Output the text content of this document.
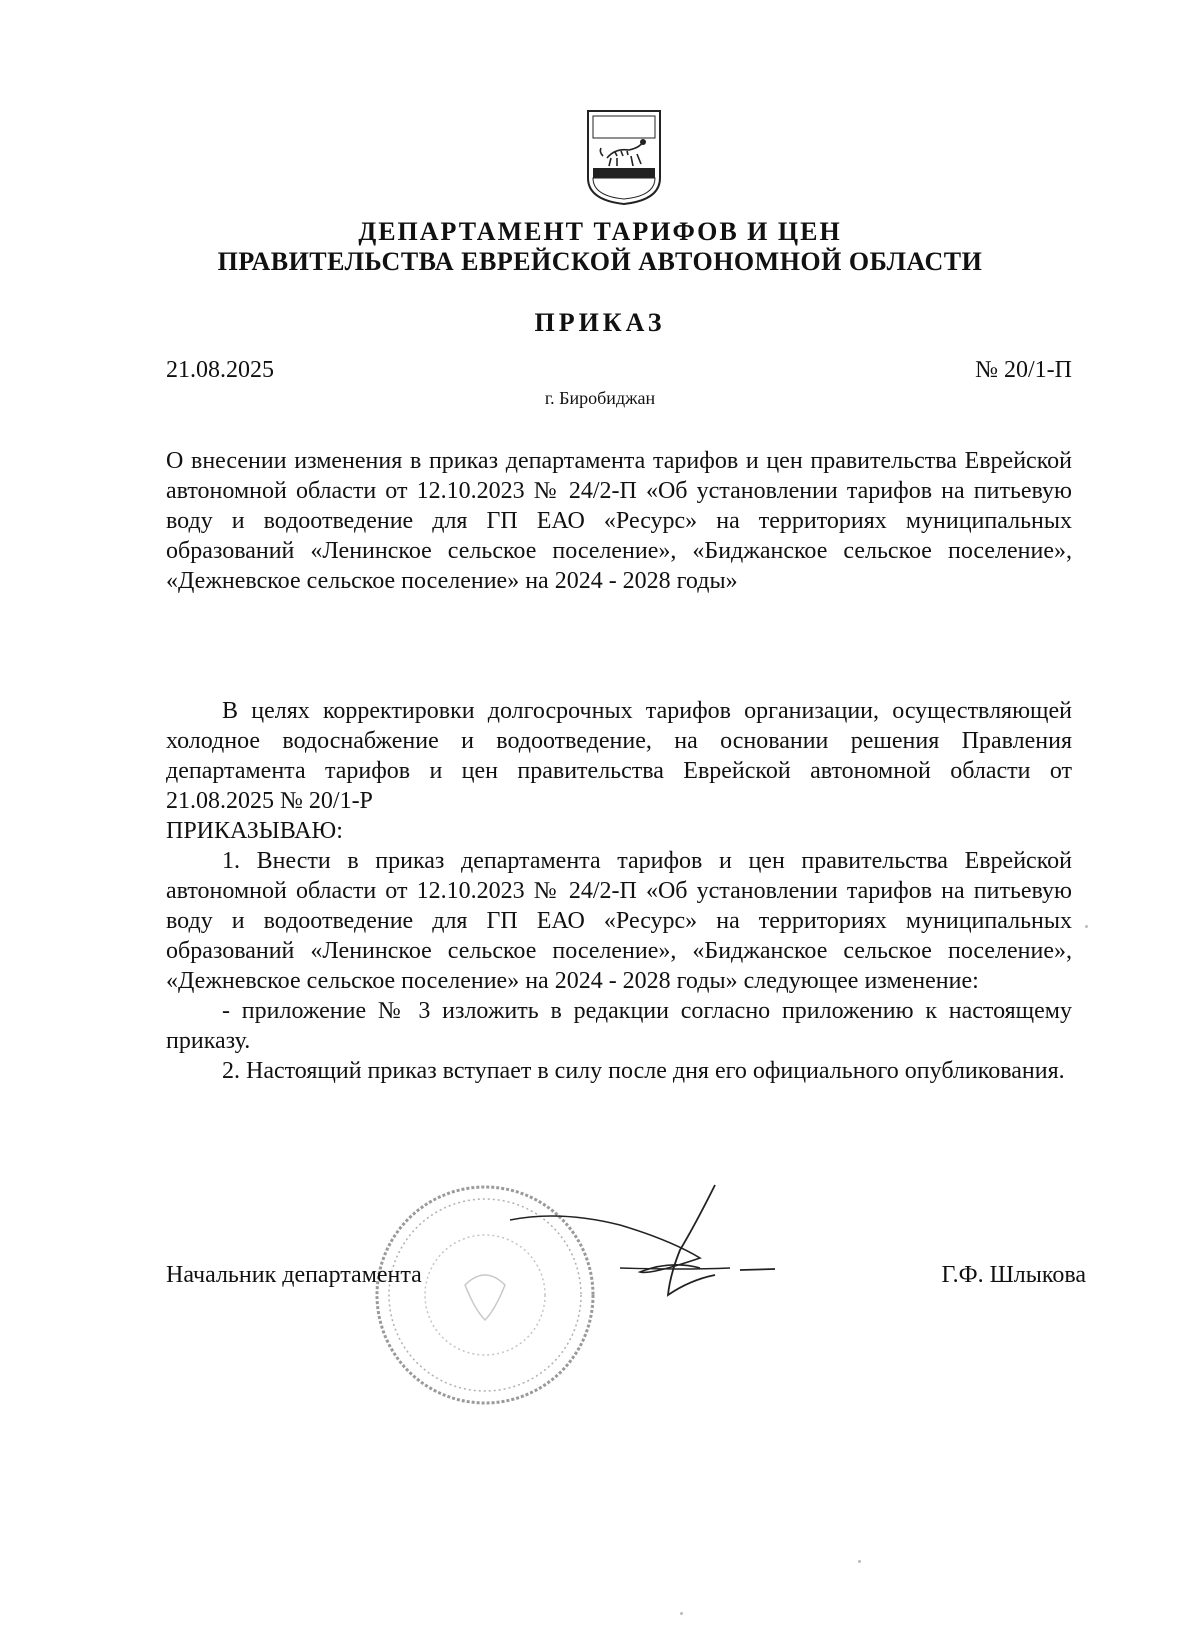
ДЕПАРТАМЕНТ ТАРИФОВ И ЦЕН
ПРАВИТЕЛЬСТВА ЕВРЕЙСКОЙ АВТОНОМНОЙ ОБЛАСТИ
ПРИКАЗ
21.08.2025	№ 20/1-П
г. Биробиджан
О внесении изменения в приказ департамента тарифов и цен правительства Еврейской автономной области от 12.10.2023 № 24/2-П «Об установлении тарифов на питьевую воду и водоотведение для ГП ЕАО «Ресурс» на территориях муниципальных образований «Ленинское сельское поселение», «Биджанское сельское поселение», «Дежневское сельское поселение» на 2024 - 2028 годы»

В целях корректировки долгосрочных тарифов организации, осуществляющей холодное водоснабжение и водоотведение, на основании решения Правления департамента тарифов и цен правительства Еврейской автономной области от 21.08.2025 № 20/1-Р

ПРИКАЗЫВАЮ:

1. Внести в приказ департамента тарифов и цен правительства Еврейской автономной области от 12.10.2023 № 24/2-П «Об установлении тарифов на питьевую воду и водоотведение для ГП ЕАО «Ресурс» на территориях муниципальных образований «Ленинское сельское поселение», «Биджанское сельское поселение», «Дежневское сельское поселение» на 2024 - 2028 годы» следующее изменение:

- приложение № 3 изложить в редакции согласно приложению к настоящему приказу.

2. Настоящий приказ вступает в силу после дня его официального опубликования.

Начальник департамента	Г.Ф. Шлыкова
